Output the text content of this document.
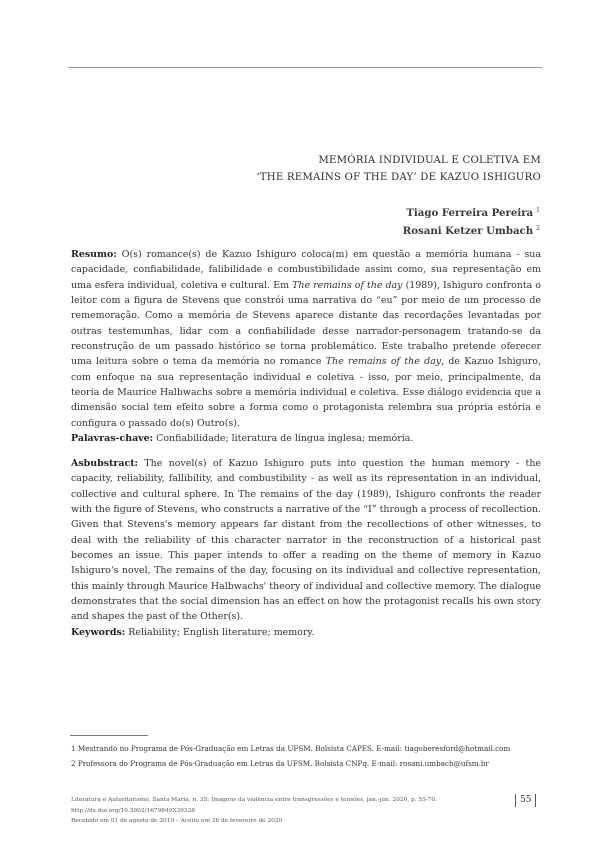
MEMÓRIA INDIVIDUAL E COLETIVA EM
‘THE REMAINS OF THE DAY’ DE KAZUO ISHIGURO
Tiago Ferreira Pereira $^1$
Rosani Ketzer Umbach $^2$
Resumo: O(s) romance(s) de Kazuo Ishiguro coloca(m) em questão a memória humana - sua capacidade, confiabilidade, falibilidade e combustibilidade assim como, sua representação em uma esfera individual, coletiva e cultural. Em The remains of the day (1989), Ishiguro confronta o leitor com a figura de Stevens que constrói uma narrativa do “eu” por meio de um processo de rememoração. Como a memória de Stevens aparece distante das recordações levantadas por outras testemunhas, lidar com a confiabilidade desse narrador-personagem tratando-se da reconstrução de um passado histórico se torna problemático. Este trabalho pretende oferecer uma leitura sobre o tema da memória no romance The remains of the day, de Kazuo Ishiguro, com enfoque na sua representação individual e coletiva - isso, por meio, principalmente, da teoria de Maurice Halbwachs sobre a memória individual e coletiva. Esse diálogo evidencia que a dimensão social tem efeito sobre a forma como o protagonista relembra sua própria estória e configura o passado do(s) Outro(s).
Palavras-chave: Confiabilidade; literatura de língua inglesa; memória.
Asbubstract: The novel(s) of Kazuo Ishiguro puts into question the human memory - the capacity, reliability, fallibility, and combustibility - as well as its representation in an individual, collective and cultural sphere. In The remains of the day (1989), Ishiguro confronts the reader with the figure of Stevens, who constructs a narrative of the “I” through a process of recollection. Given that Stevens's memory appears far distant from the recollections of other witnesses, to deal with the reliability of this character narrator in the reconstruction of a historical past becomes an issue. This paper intends to offer a reading on the theme of memory in Kazuo Ishiguro's novel, The remains of the day, focusing on its individual and collective representation, this mainly through Maurice Halbwachs' theory of individual and collective memory. The dialogue demonstrates that the social dimension has an effect on how the protagonist recalls his own story and shapes the past of the Other(s).
Keywords: Reliability; English literature; memory.
1 Mestrando no Programa de Pós-Graduação em Letras da UFSM. Bolsista CAPES. E-mail: tiagoberesford@hotmail.com
2 Professora do Programa de Pós-Graduação em Letras da UFSM. Bolsista CNPq. E-mail: rosani.umbach@ufsm.br
Literatura e Autoritarismo, Santa Maria, n. 35: Imagens da violência entre transgressões e tensões, jan.-jun. 2020, p. 55-70.
http://dx.doi.org/10.5902/1679849X39338
Recebido em 01 de agosto de 2019 – Aceito em 26 de fevereiro de 2020
55
